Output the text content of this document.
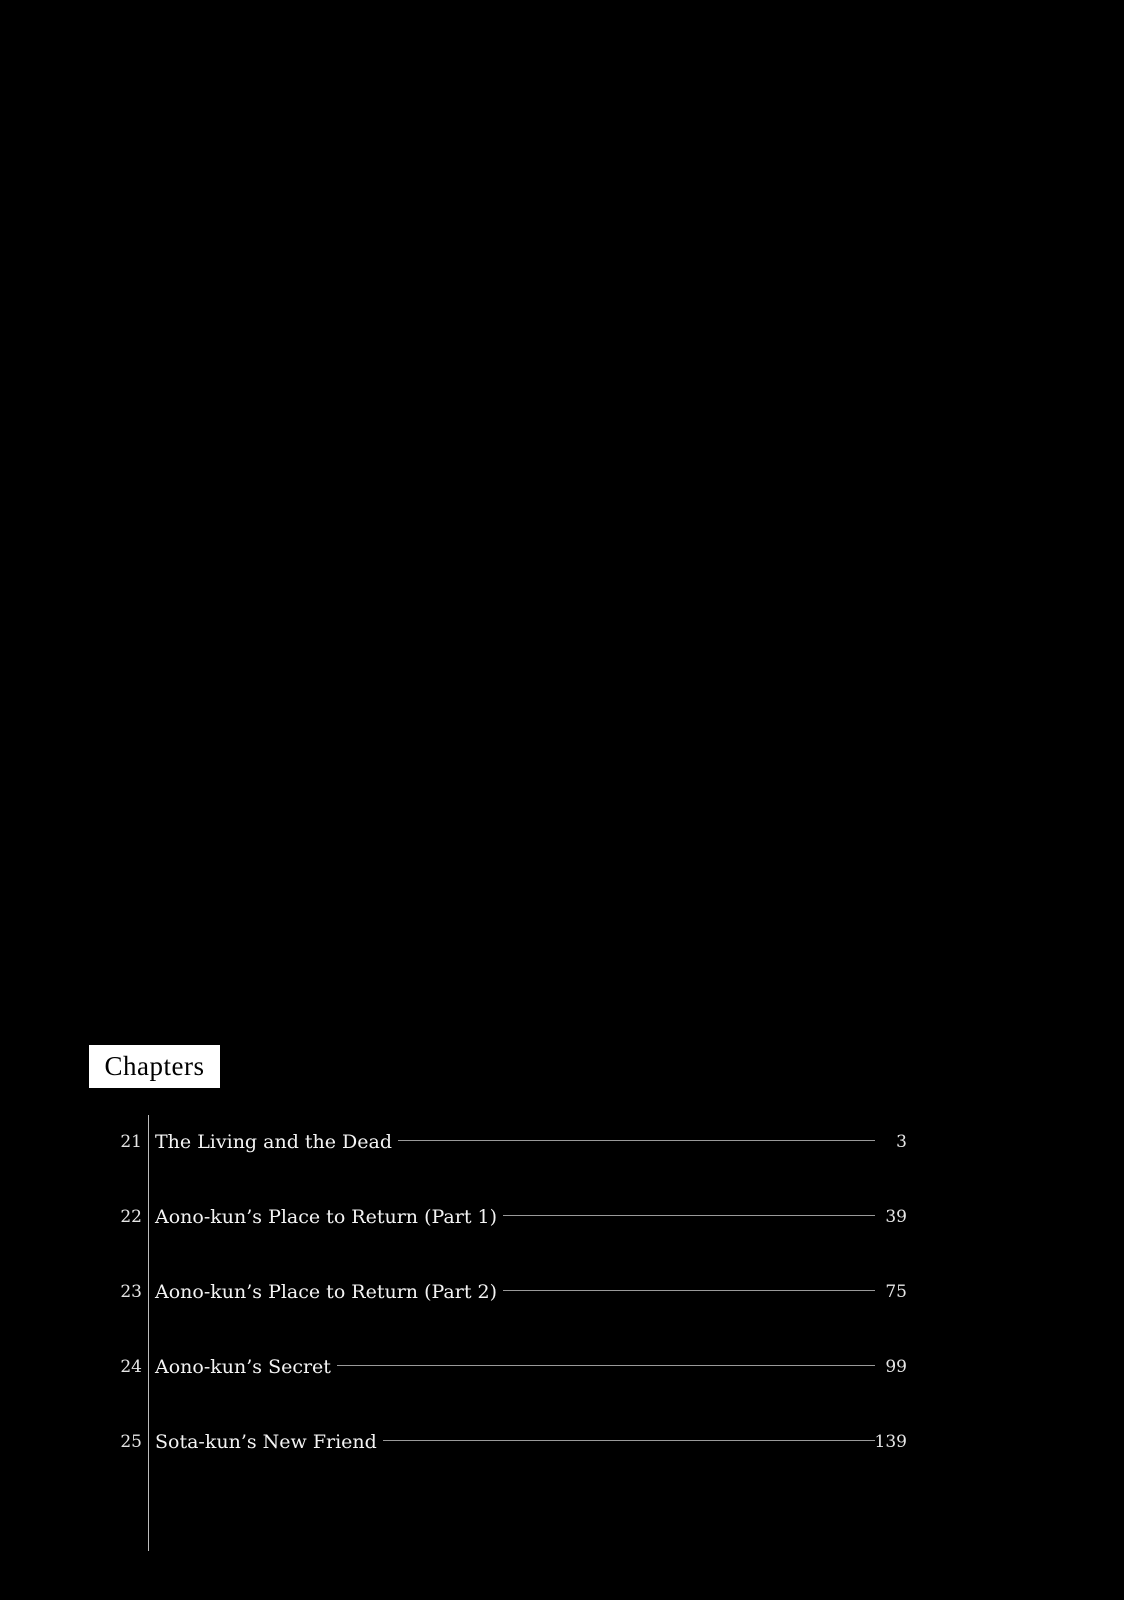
Chapters
21 The Living and the Dead	3
22 Aono-kun’s Place to Return (Part 1)	39
23 Aono-kun’s Place to Return (Part 2)	75
24 Aono-kun’s Secret	99
25 Sota-kun’s New Friend	139
